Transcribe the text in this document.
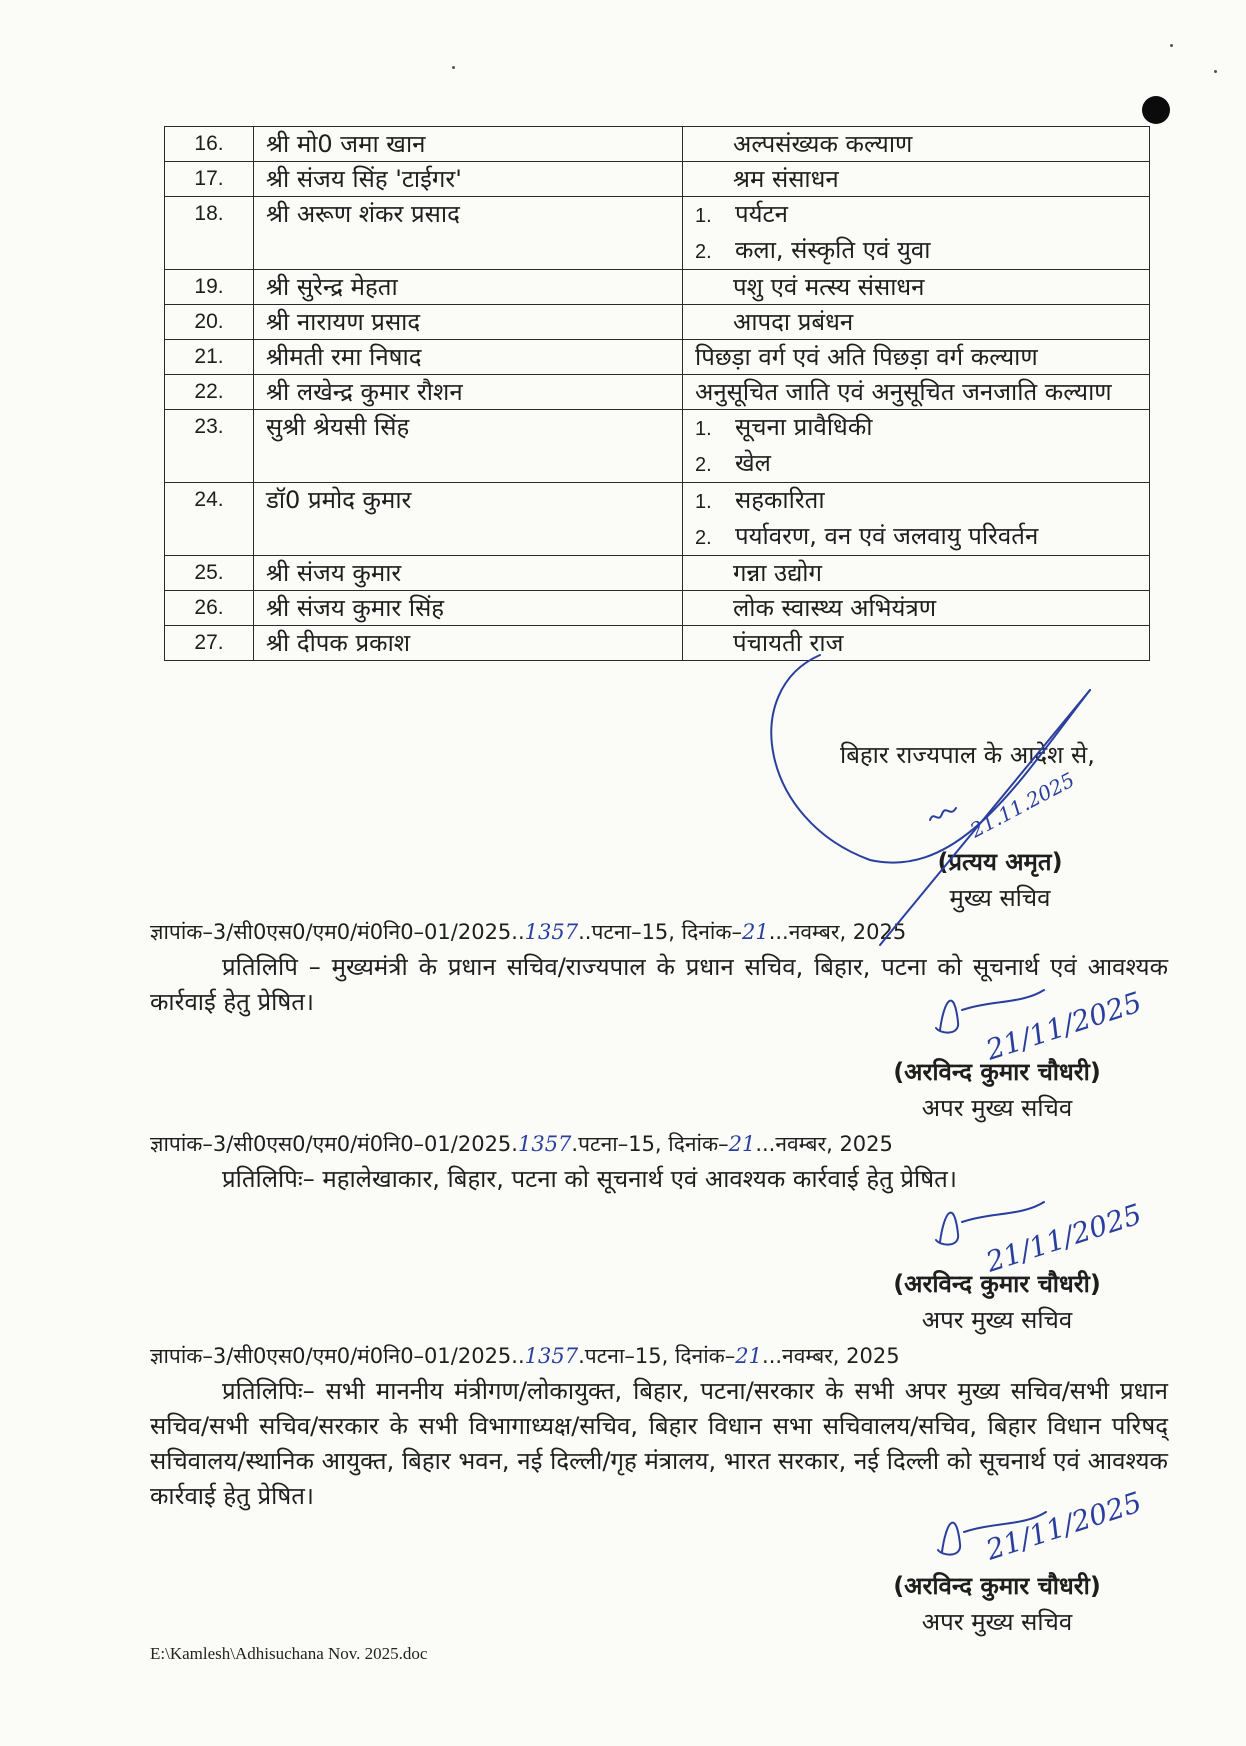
16.	श्री मो0 जमा खान	अल्पसंख्यक कल्याण

17.	श्री संजय सिंह 'टाईगर'	श्रम संसाधन

18.	श्री अरूण शंकर प्रसाद	1. पर्यटन
2. कला, संस्कृति एवं युवा

19.	श्री सुरेन्द्र मेहता	पशु एवं मत्स्य संसाधन

20.	श्री नारायण प्रसाद	आपदा प्रबंधन

21.	श्रीमती रमा निषाद	पिछड़ा वर्ग एवं अति पिछड़ा वर्ग कल्याण

22.	श्री लखेन्द्र कुमार रौशन	अनुसूचित जाति एवं अनुसूचित जनजाति कल्याण

23.	सुश्री श्रेयसी सिंह	1. सूचना प्रावैधिकी
2. खेल

24.	डॉ0 प्रमोद कुमार	1. सहकारिता
2. पर्यावरण, वन एवं जलवायु परिवर्तन

25.	श्री संजय कुमार	गन्ना उद्योग

26.	श्री संजय कुमार सिंह	लोक स्वास्थ्य अभियंत्रण

27.	श्री दीपक प्रकाश	पंचायती राज
बिहार राज्यपाल के आदेश से,
(प्रत्यय अमृत)
मुख्य सचिव
ज्ञापांक–3/सी0एस0/एम0/मं0नि0–01/2025..1357..पटना–15, दिनांक–21...नवम्बर, 2025
प्रतिलिपि – मुख्यमंत्री के प्रधान सचिव/राज्यपाल के प्रधान सचिव, बिहार, पटना को सूचनार्थ एवं आवश्यक कार्रवाई हेतु प्रेषित।
(अरविन्द कुमार चौधरी)
अपर मुख्य सचिव
ज्ञापांक–3/सी0एस0/एम0/मं0नि0–01/2025.1357.पटना–15, दिनांक–21...नवम्बर, 2025
प्रतिलिपिः– महालेखाकार, बिहार, पटना को सूचनार्थ एवं आवश्यक कार्रवाई हेतु प्रेषित।
(अरविन्द कुमार चौधरी)
अपर मुख्य सचिव
ज्ञापांक–3/सी0एस0/एम0/मं0नि0–01/2025..1357.पटना–15, दिनांक–21...नवम्बर, 2025
प्रतिलिपिः– सभी माननीय मंत्रीगण/लोकायुक्त, बिहार, पटना/सरकार के सभी अपर मुख्य सचिव/सभी प्रधान सचिव/सभी सचिव/सरकार के सभी विभागाध्यक्ष/सचिव, बिहार विधान सभा सचिवालय/सचिव, बिहार विधान परिषद् सचिवालय/स्थानिक आयुक्त, बिहार भवन, नई दिल्ली/गृह मंत्रालय, भारत सरकार, नई दिल्ली को सूचनार्थ एवं आवश्यक कार्रवाई हेतु प्रेषित।
(अरविन्द कुमार चौधरी)
अपर मुख्य सचिव
E:\Kamlesh\Adhisuchana Nov. 2025.doc
21.11.2025
21/11/2025
21/11/2025
21/11/2025
